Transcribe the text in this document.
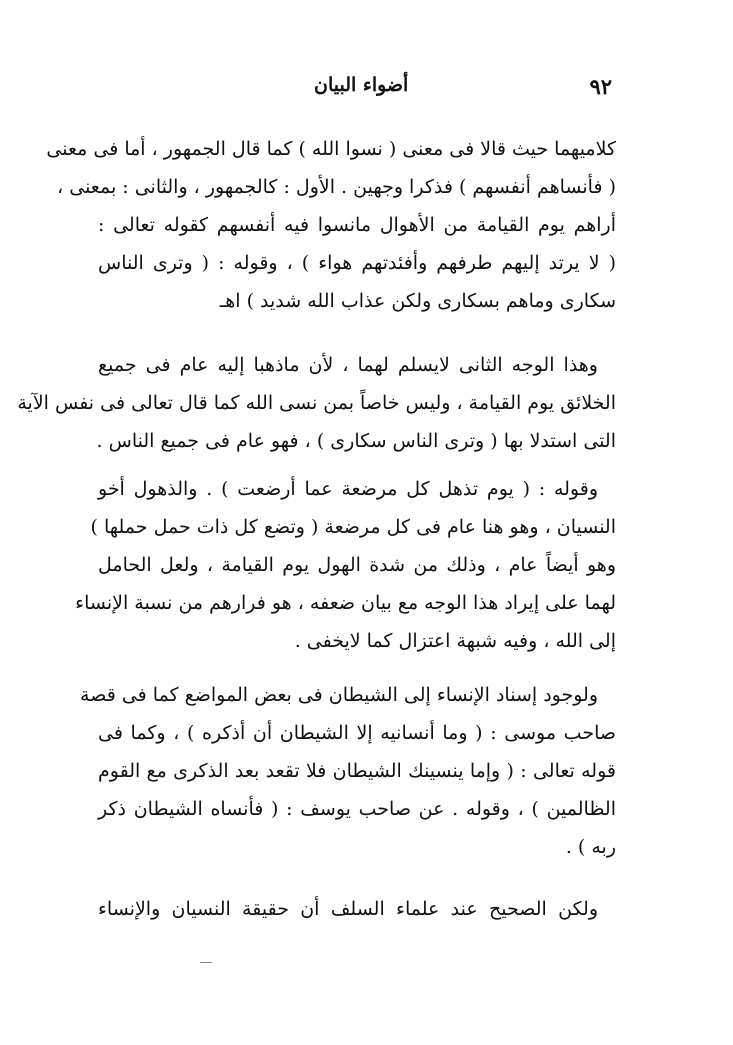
أضواء البيان	٩٢
كلاميهما حيث قالا فى معنى ( نسوا الله ) كما قال الجمهور ، أما فى معنى
( فأنساهم أنفسهم ) فذكرا وجهين . الأول : كالجمهور ، والثانى : بمعنى ،
أراهم يوم القيامة من الأهوال مانسوا فيه أنفسهم كقوله تعالى :
( لا يرتد إليهم طرفهم وأفئدتهم هواء ) ، وقوله : ( وترى الناس
سكارى وماهم بسكارى ولكن عذاب الله شديد ) اهـ
وهذا الوجه الثانى لايسلم لهما ، لأن ماذهبا إليه عام فى جميع
الخلائق يوم القيامة ، وليس خاصاً بمن نسى الله كما قال تعالى فى نفس الآية
التى استدلا بها ( وترى الناس سكارى ) ، فهو عام فى جميع الناس .
وقوله : ( يوم تذهل كل مرضعة عما أرضعت ) . والذهول أخو
النسيان ، وهو هنا عام فى كل مرضعة ( وتضع كل ذات حمل حملها )
وهو أيضاً عام ، وذلك من شدة الهول يوم القيامة ، ولعل الحامل
لهما على إيراد هذا الوجه مع بيان ضعفه ، هو فرارهم من نسبة الإنساء
إلى الله ، وفيه شبهة اعتزال كما لايخفى .
ولوجود إسناد الإنساء إلى الشيطان فى بعض المواضع كما فى قصة
صاحب موسى : ( وما أنسانيه إلا الشيطان أن أذكره ) ، وكما فى
قوله تعالى : ( وإما ينسينك الشيطان فلا تقعد بعد الذكرى مع القوم
الظالمين ) ، وقوله . عن صاحب يوسف : ( فأنساه الشيطان ذكر
ربه ) .
ولكن الصحيح عند علماء السلف أن حقيقة النسيان والإنساء
